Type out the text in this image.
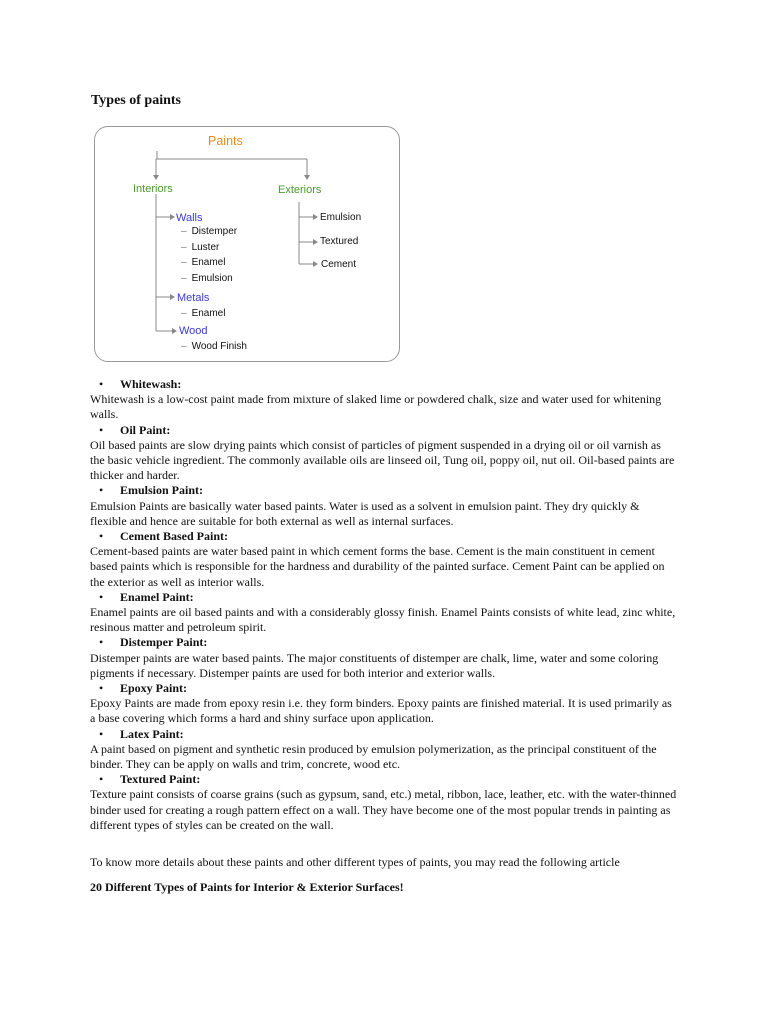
Types of paints
Paints
Interiors	Exteriors
Walls
– Distemper
– Luster
– Enamel
– Emulsion
Metals
– Enamel
Wood
– Wood Finish
Emulsion
Textured
Cement
• Whitewash:

Whitewash is a low-cost paint made from mixture of slaked lime or powdered chalk, size and water used for whitening walls.

• Oil Paint:

Oil based paints are slow drying paints which consist of particles of pigment suspended in a drying oil or oil varnish as the basic vehicle ingredient. The commonly available oils are linseed oil, Tung oil, poppy oil, nut oil. Oil-based paints are thicker and harder.

• Emulsion Paint:

Emulsion Paints are basically water based paints. Water is used as a solvent in emulsion paint. They dry quickly & flexible and hence are suitable for both external as well as internal surfaces.

• Cement Based Paint:

Cement-based paints are water based paint in which cement forms the base. Cement is the main constituent in cement based paints which is responsible for the hardness and durability of the painted surface. Cement Paint can be applied on the exterior as well as interior walls.

• Enamel Paint:

Enamel paints are oil based paints and with a considerably glossy finish. Enamel Paints consists of white lead, zinc white, resinous matter and petroleum spirit.

• Distemper Paint:

Distemper paints are water based paints. The major constituents of distemper are chalk, lime, water and some coloring pigments if necessary. Distemper paints are used for both interior and exterior walls.

• Epoxy Paint:

Epoxy Paints are made from epoxy resin i.e. they form binders. Epoxy paints are finished material. It is used primarily as a base covering which forms a hard and shiny surface upon application.

• Latex Paint:

A paint based on pigment and synthetic resin produced by emulsion polymerization, as the principal constituent of the binder. They can be apply on walls and trim, concrete, wood etc.

• Textured Paint:

Texture paint consists of coarse grains (such as gypsum, sand, etc.) metal, ribbon, lace, leather, etc. with the water-thinned binder used for creating a rough pattern effect on a wall. They have become one of the most popular trends in painting as different types of styles can be created on the wall.

To know more details about these paints and other different types of paints, you may read the following article

20 Different Types of Paints for Interior & Exterior Surfaces!
